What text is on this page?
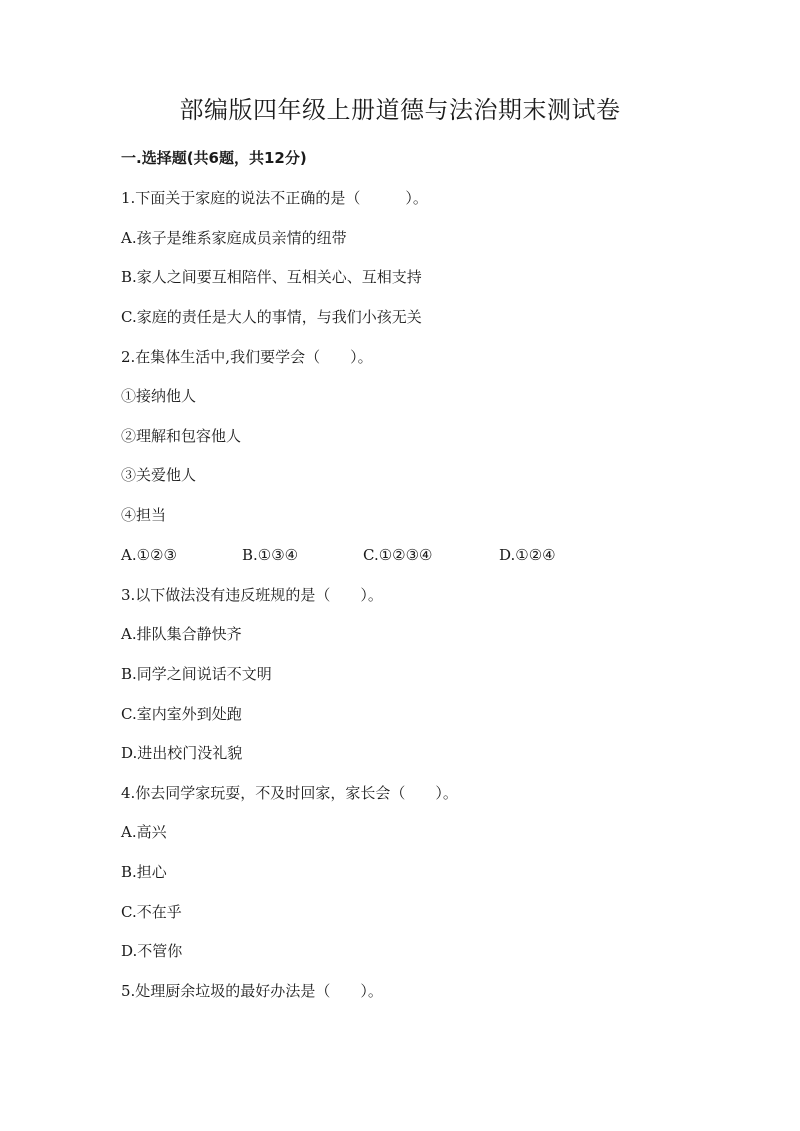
部编版四年级上册道德与法治期末测试卷
一.选择题(共6题，共12分)
1.下面关于家庭的说法不正确的是（　　　）。
A.孩子是维系家庭成员亲情的纽带
B.家人之间要互相陪伴、互相关心、互相支持
C.家庭的责任是大人的事情，与我们小孩无关
2.在集体生活中,我们要学会（　　）。
①接纳他人
②理解和包容他人
③关爱他人
④担当

A.①②③

	B.①③④

	C.①②③④

	D.①②④

3.以下做法没有违反班规的是（　　）。
A.排队集合静快齐
B.同学之间说话不文明
C.室内室外到处跑
D.进出校门没礼貌
4.你去同学家玩耍，不及时回家，家长会（　　）。
A.高兴
B.担心
C.不在乎
D.不管你
5.处理厨余垃圾的最好办法是（　　）。
